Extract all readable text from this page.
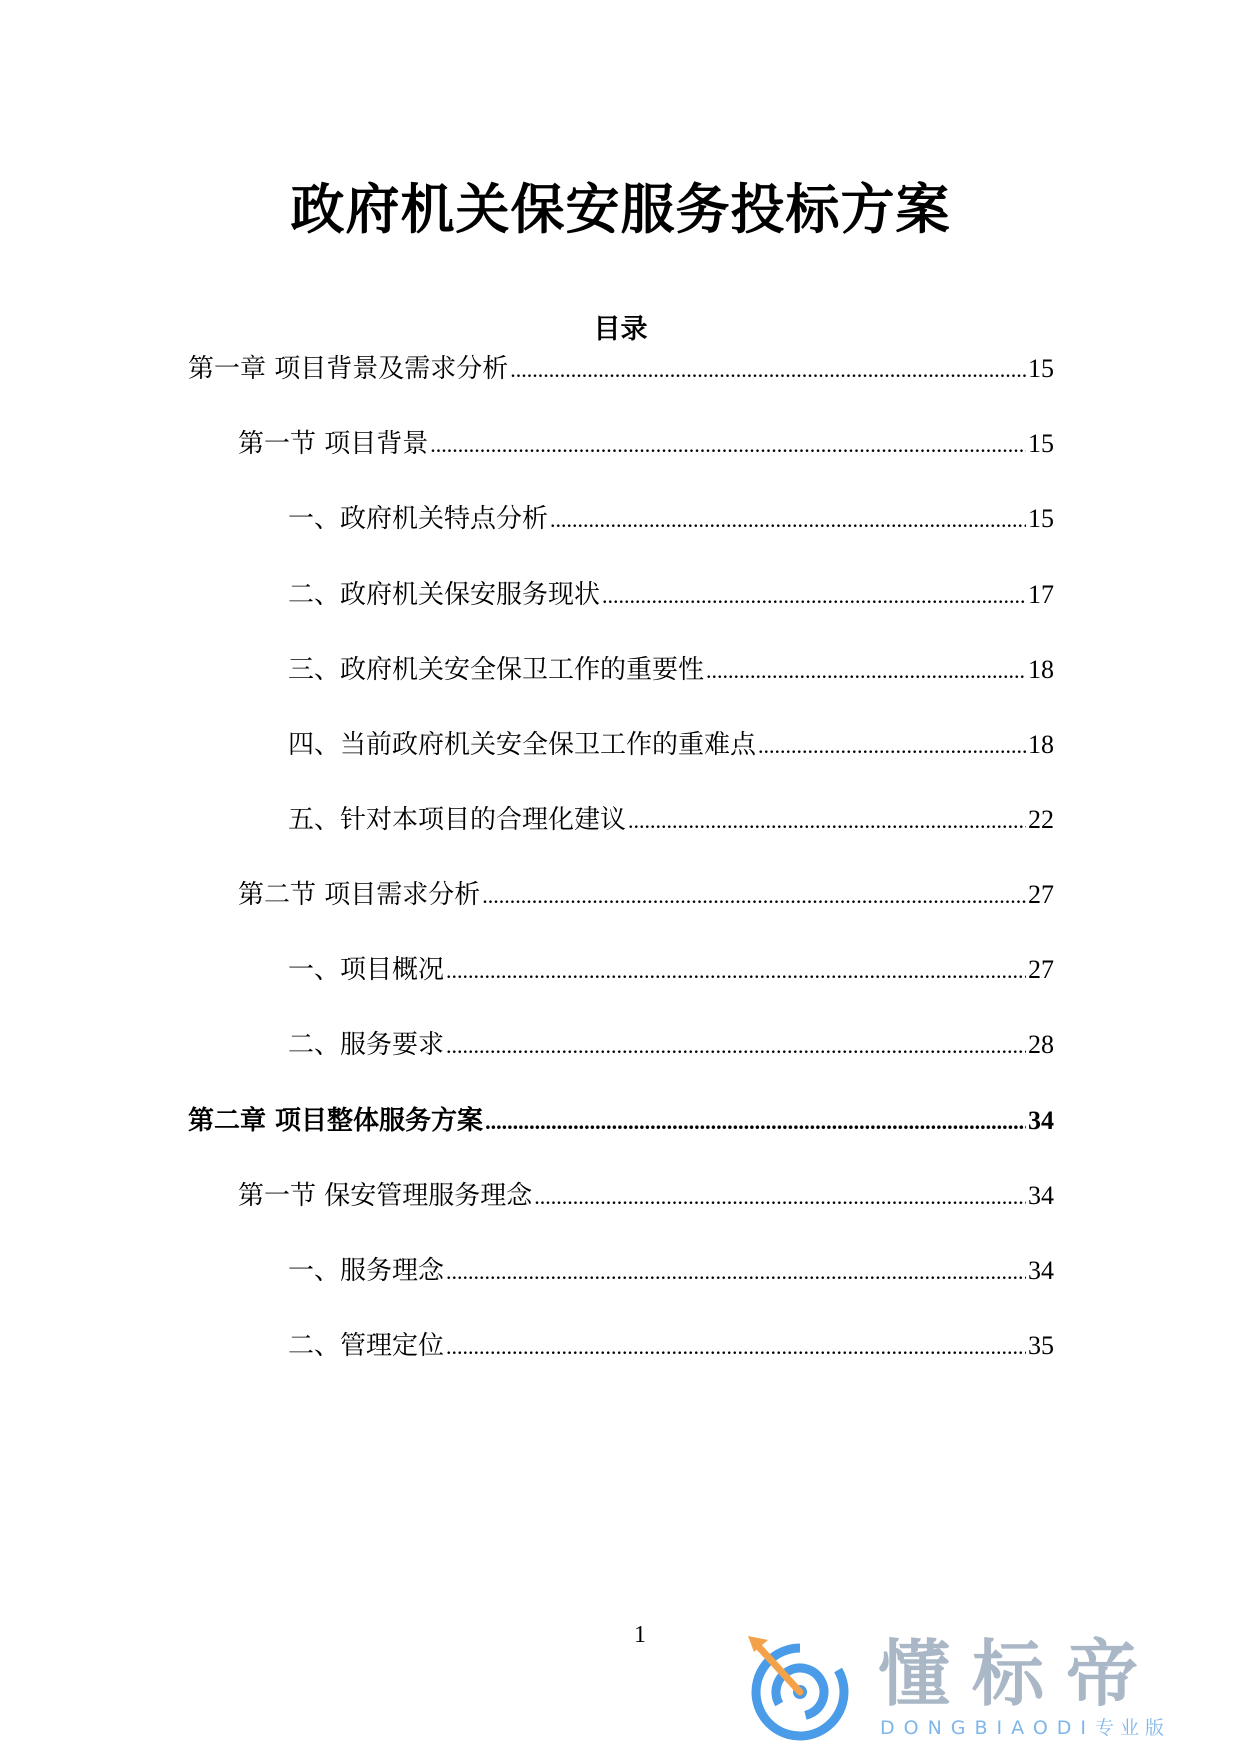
政府机关保安服务投标方案
目录
第一章 项目背景及需求分析 .....	15
第一节 项目背景 .....	15
一、政府机关特点分析 .....	15
二、政府机关保安服务现状 .....	17
三、政府机关安全保卫工作的重要性 .....	18
四、当前政府机关安全保卫工作的重难点 .....	18
五、针对本项目的合理化建议 .....	22
第二节 项目需求分析 .....	27
一、项目概况 .....	27
二、服务要求 .....	28
第二章 项目整体服务方案 .....	34
第一节 保安管理服务理念 .....	34
一、服务理念 .....	34
二、管理定位 .....	35
1	懂标帝
DONGBIAODI专业版
